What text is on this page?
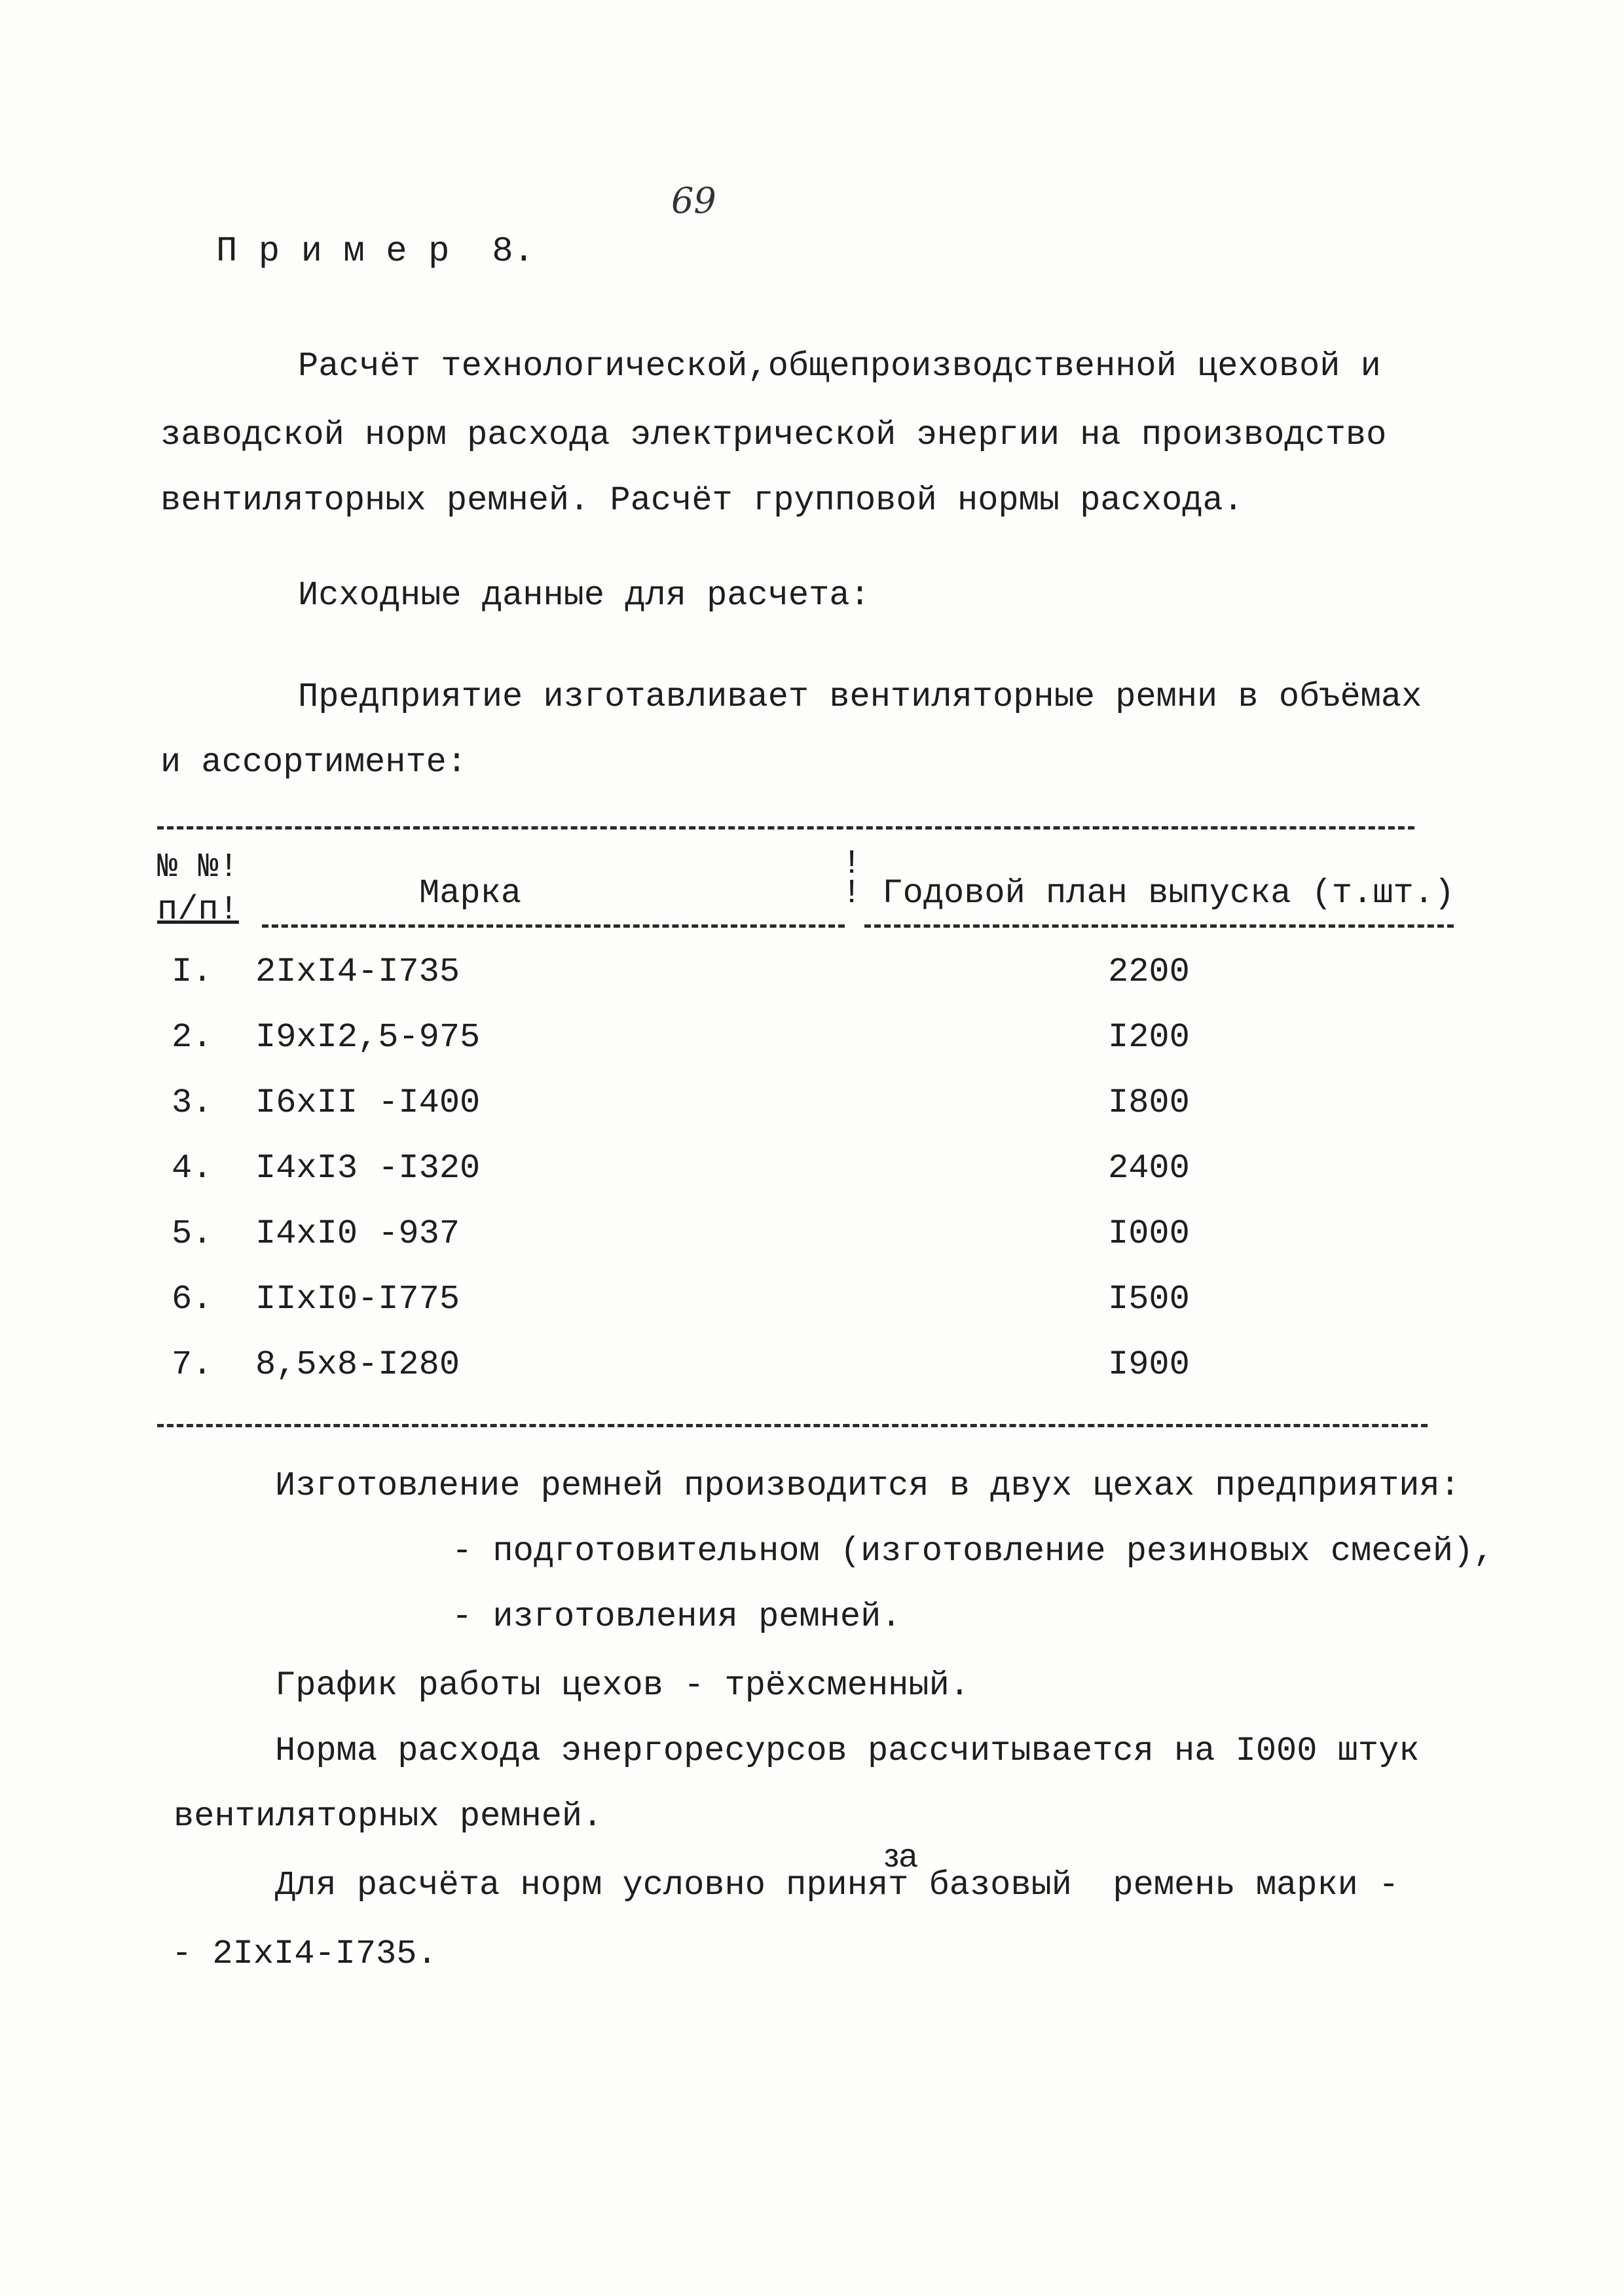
69
П р и м е р  8.
Расчёт технологической,общепроизводственной цеховой и
заводской норм расхода электрической энергии на производство
вентиляторных ремней. Расчёт групповой нормы расхода.
Исходные данные для расчета:
Предприятие изготавливает вентиляторные ремни в объёмах
и ассортименте:
№ №!
п/п!	Марка
!
! Годовой план выпуска (т.шт.)
I. 2IxI4-I735	2200
2. I9xI2,5-975	I200
3. I6xII -I400	I800
4. I4xI3 -I320	2400
5. I4xI0 -937	I000
6. IIxI0-I775	I500
7. 8,5x8-I280	I900
Изготовление ремней производится в двух цехах предприятия:
- подготовительном (изготовление резиновых смесей),
- изготовления ремней.
График работы цехов - трёхсменный.
Норма расхода энергоресурсов рассчитывается на I000 штук
вентиляторных ремней.
за
Для расчёта норм условно принят базовый  ремень марки -
- 2IxI4-I735.
